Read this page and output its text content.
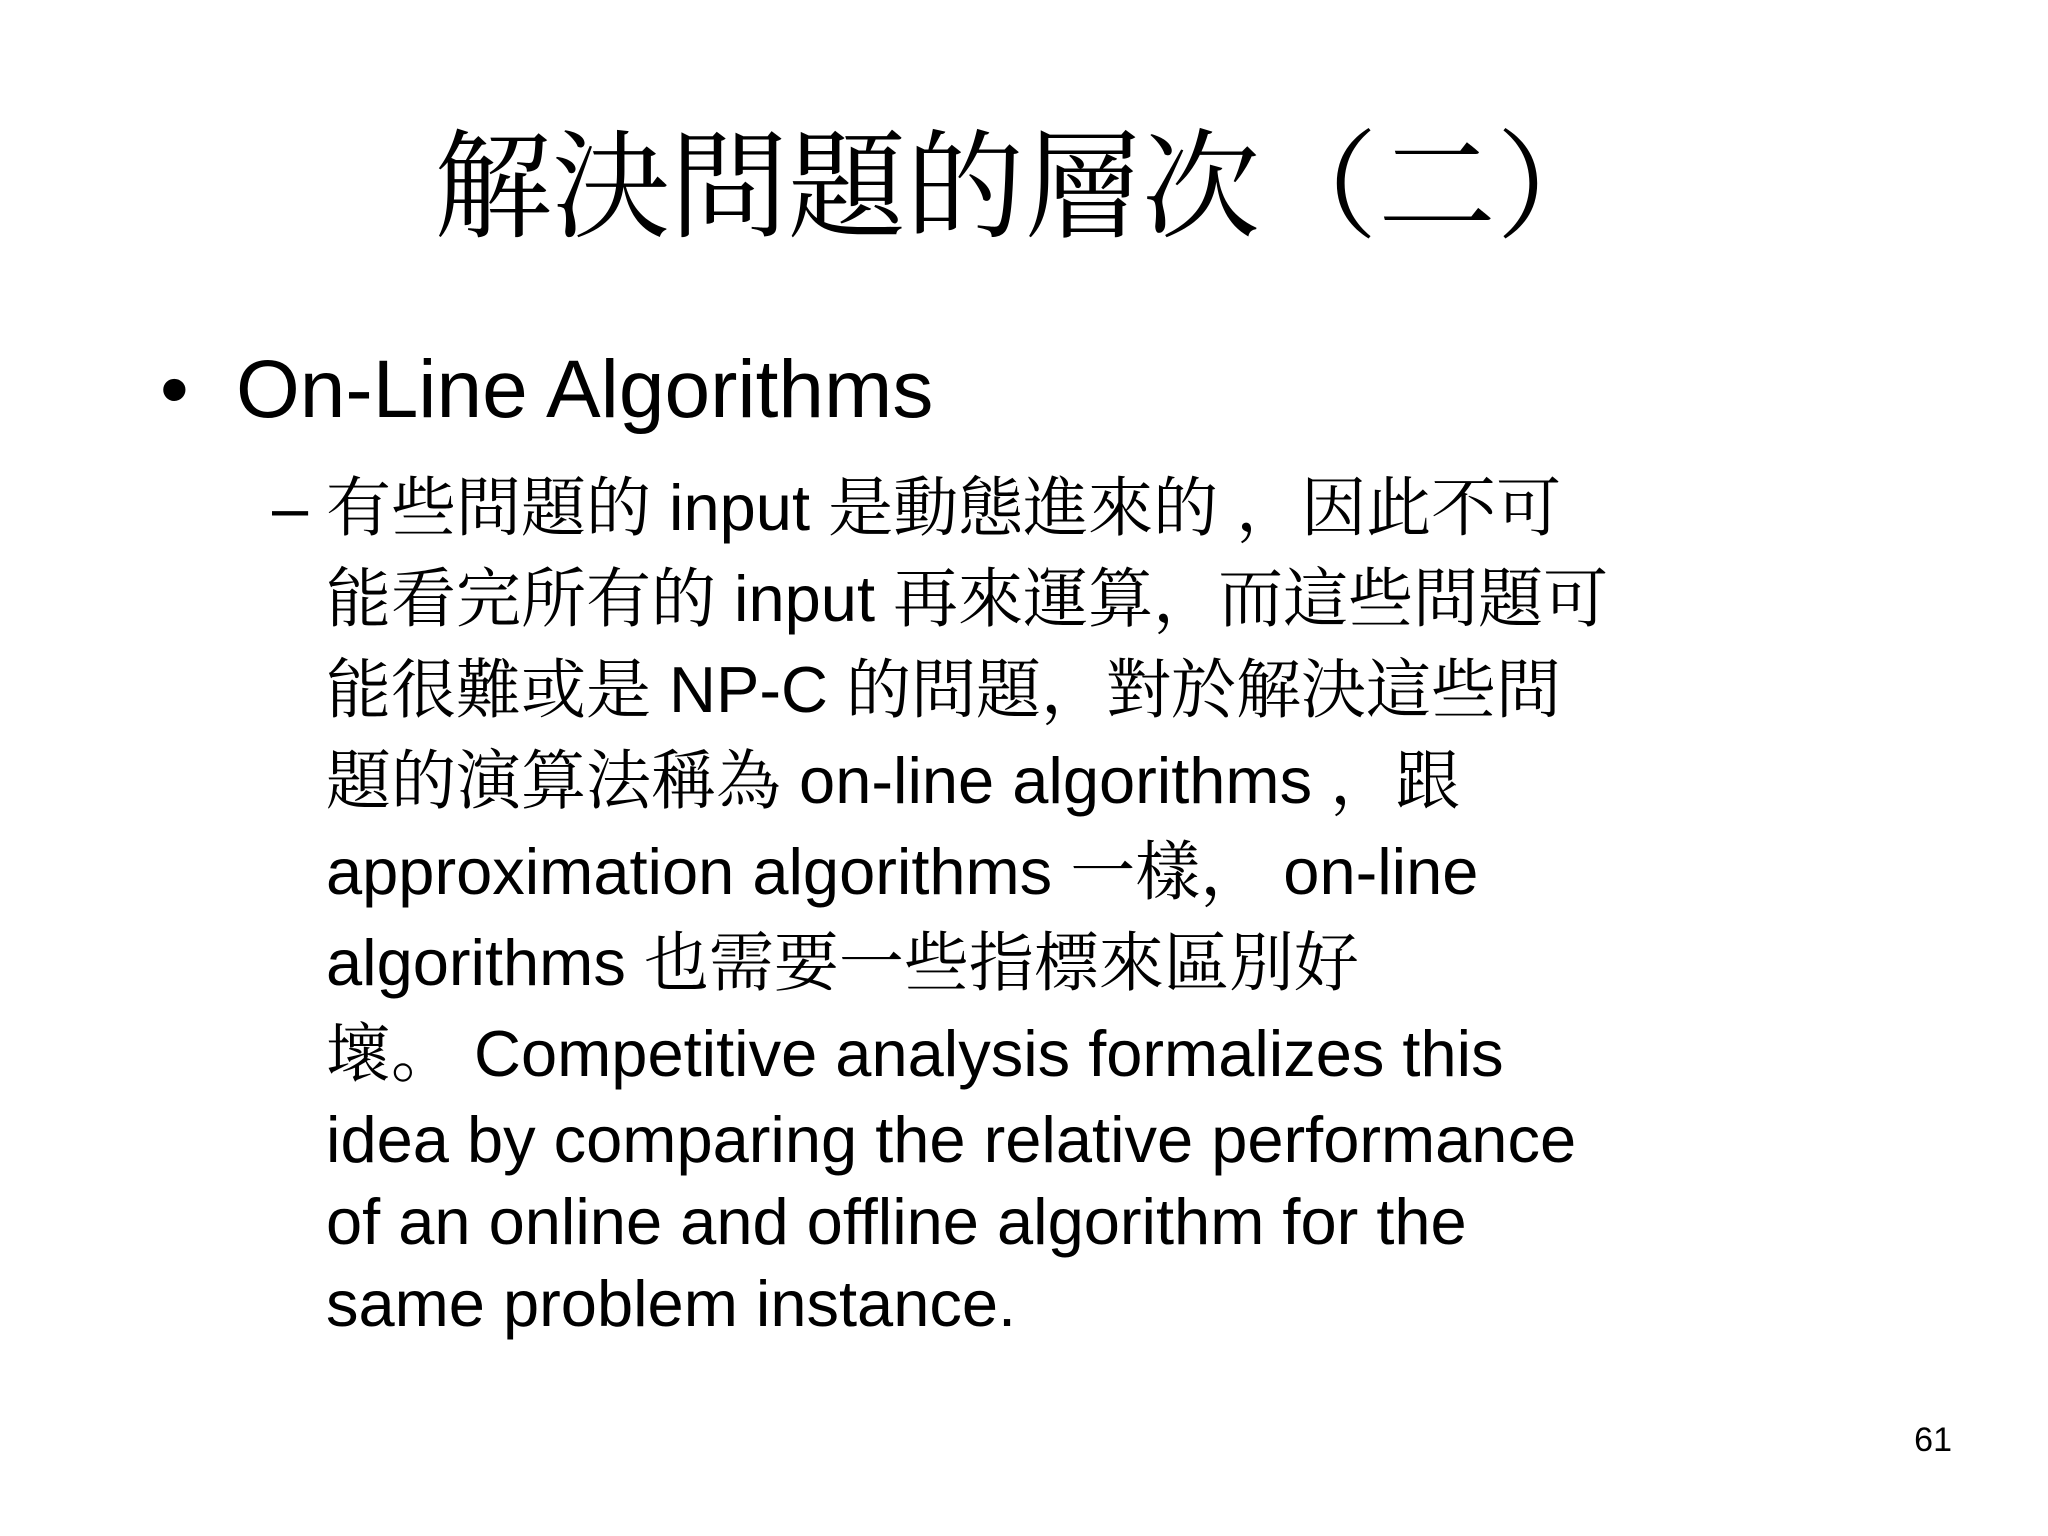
解決問題的層次（二）
• On-Line Algorithms
– 有些問題的 input 是動態進來的 ，因此不可
能看完所有的 input 再來運算，而這些問題可
能很難或是 NP-C 的問題，對於解決這些問
題的演算法稱為 on-line algorithms ，跟
approximation algorithms 一樣， on-line
algorithms 也需要一些指標來區別好
壞。 Competitive analysis formalizes this
idea by comparing the relative performance
of an online and offline algorithm for the
same problem instance.
61
